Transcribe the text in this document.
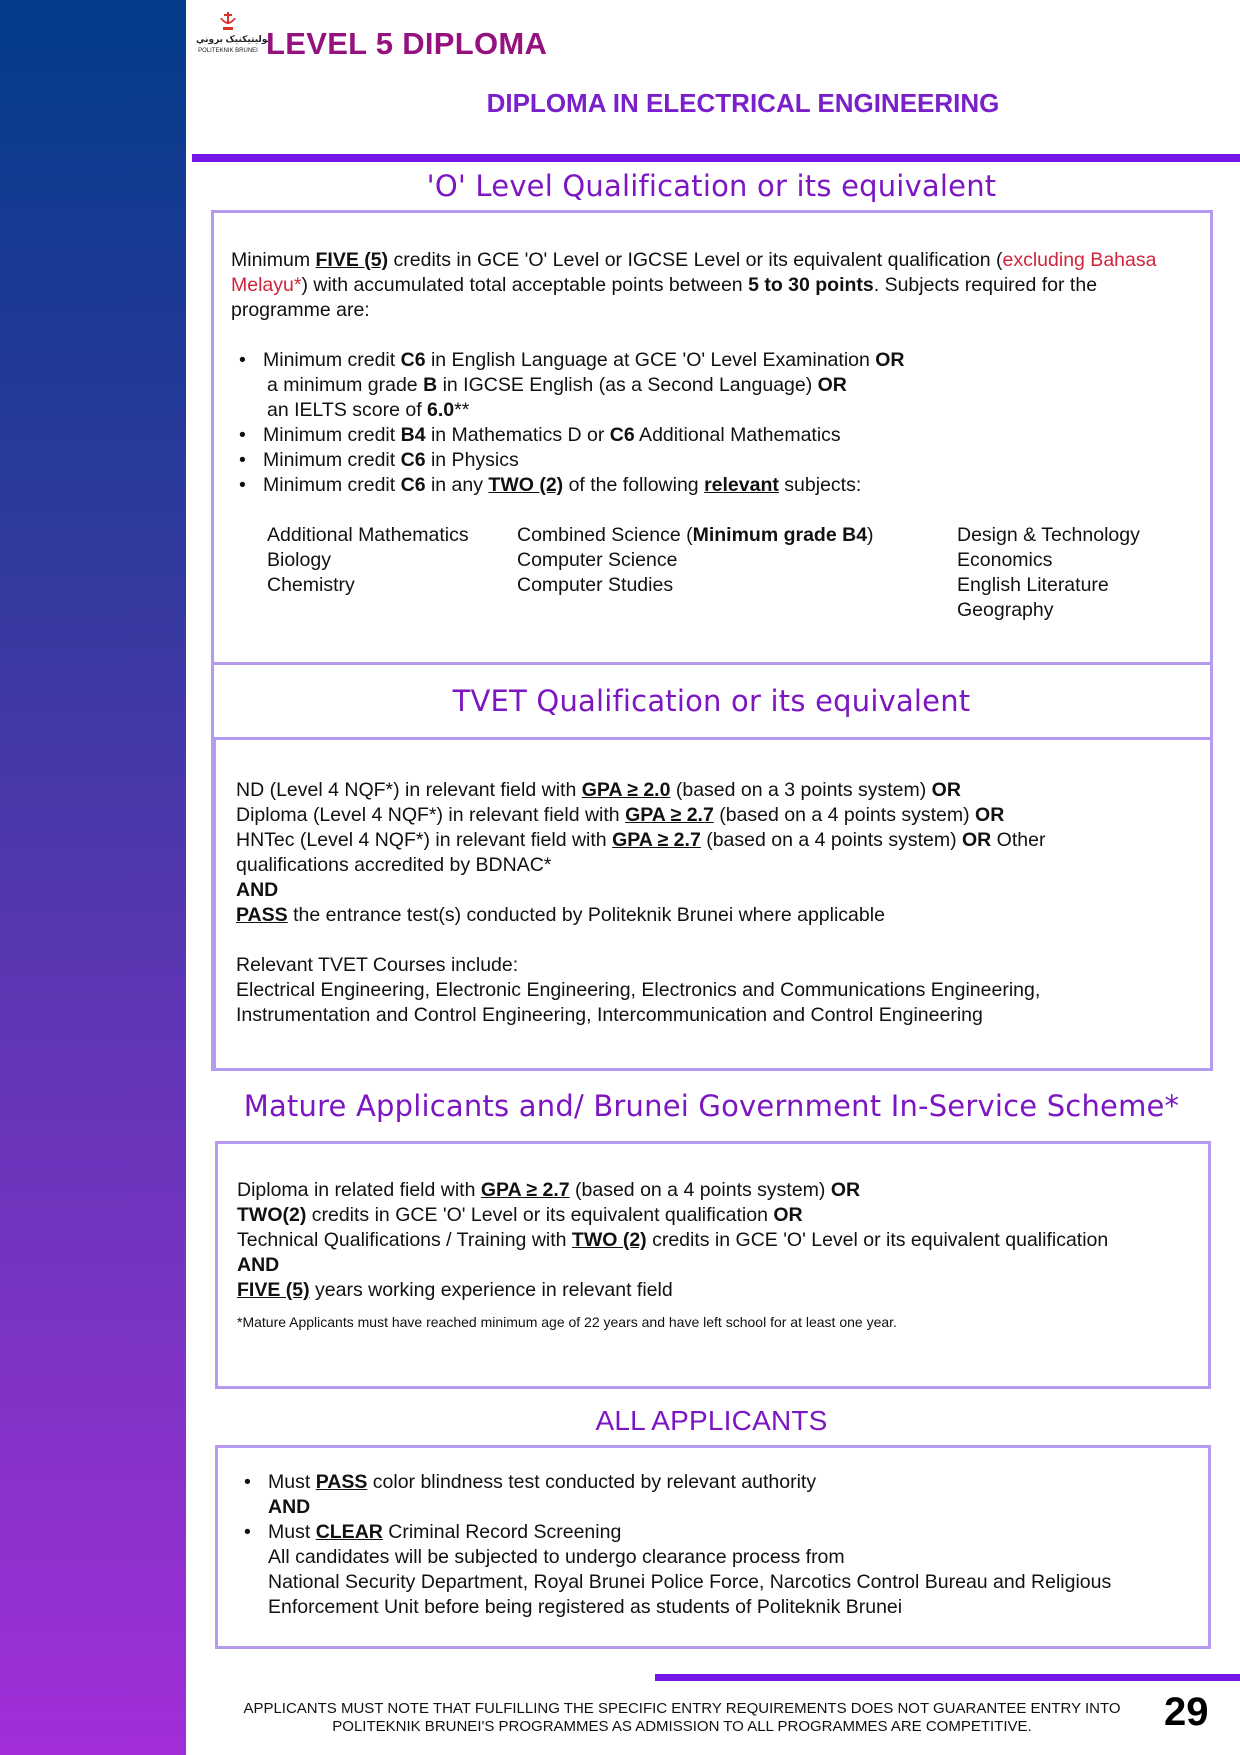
ڤوليتيکنيک بروني
POLITEKNIK BRUNEI LEVEL 5 DIPLOMA
DIPLOMA IN ELECTRICAL ENGINEERING
'O' Level Qualification or its equivalent
Minimum FIVE (5) credits in GCE 'O' Level or IGCSE Level or its equivalent qualification (excluding Bahasa Melayu*) with accumulated total acceptable points between 5 to 30 points. Subjects required for the programme are:
• Minimum credit C6 in English Language at GCE 'O' Level Examination OR
a minimum grade B in IGCSE English (as a Second Language) OR
an IELTS score of 6.0**
• Minimum credit B4 in Mathematics D or C6 Additional Mathematics
• Minimum credit C6 in Physics
• Minimum credit C6 in any TWO (2) of the following relevant subjects:
Additional Mathematics
Biology
Chemistry
Combined Science (Minimum grade B4)
Computer Science
Computer Studies
Design & Technology
Economics
English Literature
Geography
TVET Qualification or its equivalent
ND (Level 4 NQF*) in relevant field with GPA ≥ 2.0 (based on a 3 points system) OR
Diploma (Level 4 NQF*) in relevant field with GPA ≥ 2.7 (based on a 4 points system) OR
HNTec (Level 4 NQF*) in relevant field with GPA ≥ 2.7 (based on a 4 points system) OR Other qualifications accredited by BDNAC*
AND
PASS the entrance test(s) conducted by Politeknik Brunei where applicable
Relevant TVET Courses include:
Electrical Engineering, Electronic Engineering, Electronics and Communications Engineering,
Instrumentation and Control Engineering, Intercommunication and Control Engineering
Mature Applicants and/ Brunei Government In-Service Scheme*
Diploma in related field with GPA ≥ 2.7 (based on a 4 points system) OR
TWO(2) credits in GCE 'O' Level or its equivalent qualification OR
Technical Qualifications / Training with TWO (2) credits in GCE 'O' Level or its equivalent qualification
AND
FIVE (5) years working experience in relevant field
*Mature Applicants must have reached minimum age of 22 years and have left school for at least one year.
ALL APPLICANTS
• Must PASS color blindness test conducted by relevant authority
AND
• Must CLEAR Criminal Record Screening
All candidates will be subjected to undergo clearance process from
National Security Department, Royal Brunei Police Force, Narcotics Control Bureau and Religious
Enforcement Unit before being registered as students of Politeknik Brunei
APPLICANTS MUST NOTE THAT FULFILLING THE SPECIFIC ENTRY REQUIREMENTS DOES NOT GUARANTEE ENTRY INTO
POLITEKNIK BRUNEI'S PROGRAMMES AS ADMISSION TO ALL PROGRAMMES ARE COMPETITIVE.	29
